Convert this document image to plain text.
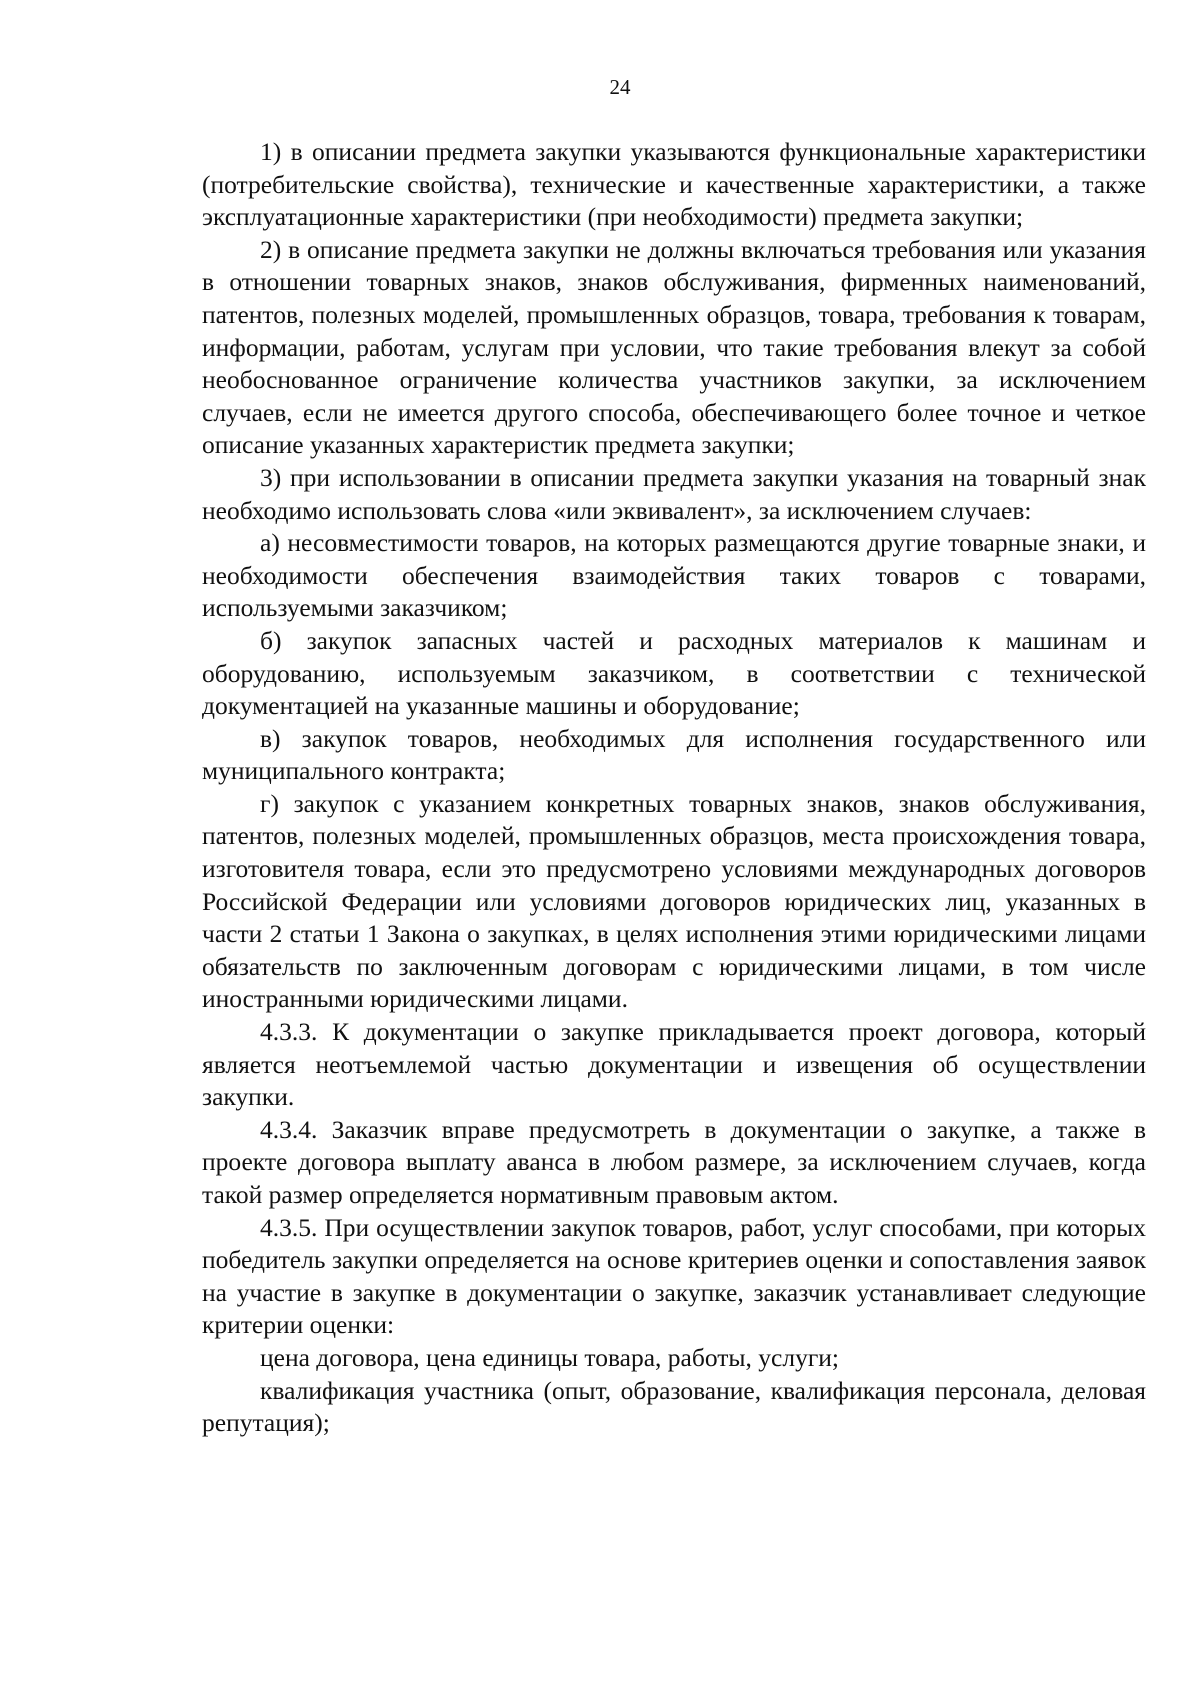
24

1) в описании предмета закупки указываются функциональные характеристики (потребительские свойства), технические и качественные характеристики, а также эксплуатационные характеристики (при необходимости) предмета закупки;

2) в описание предмета закупки не должны включаться требования или указания в отношении товарных знаков, знаков обслуживания, фирменных наименований, патентов, полезных моделей, промышленных образцов, товара, требования к товарам, информации, работам, услугам при условии, что такие требования влекут за собой необоснованное ограничение количества участников закупки, за исключением случаев, если не имеется другого способа, обеспечивающего более точное и четкое описание указанных характеристик предмета закупки;

3) при использовании в описании предмета закупки указания на товарный знак необходимо использовать слова «или эквивалент», за исключением случаев:

а) несовместимости товаров, на которых размещаются другие товарные знаки, и необходимости обеспечения взаимодействия таких товаров с товарами, используемыми заказчиком;

б) закупок запасных частей и расходных материалов к машинам и оборудованию, используемым заказчиком, в соответствии с технической документацией на указанные машины и оборудование;

в) закупок товаров, необходимых для исполнения государственного или муниципального контракта;

г) закупок с указанием конкретных товарных знаков, знаков обслуживания, патентов, полезных моделей, промышленных образцов, места происхождения товара, изготовителя товара, если это предусмотрено условиями международных договоров Российской Федерации или условиями договоров юридических лиц, указанных в части 2 статьи 1 Закона о закупках, в целях исполнения этими юридическими лицами обязательств по заключенным договорам с юридическими лицами, в том числе иностранными юридическими лицами.

4.3.3. К документации о закупке прикладывается проект договора, который является неотъемлемой частью документации и извещения об осуществлении закупки.

4.3.4. Заказчик вправе предусмотреть в документации о закупке, а также в проекте договора выплату аванса в любом размере, за исключением случаев, когда такой размер определяется нормативным правовым актом.

4.3.5. При осуществлении закупок товаров, работ, услуг способами, при которых победитель закупки определяется на основе критериев оценки и сопоставления заявок на участие в закупке в документации о закупке, заказчик устанавливает следующие критерии оценки:

цена договора, цена единицы товара, работы, услуги;

квалификация участника (опыт, образование, квалификация персонала, деловая репутация);
